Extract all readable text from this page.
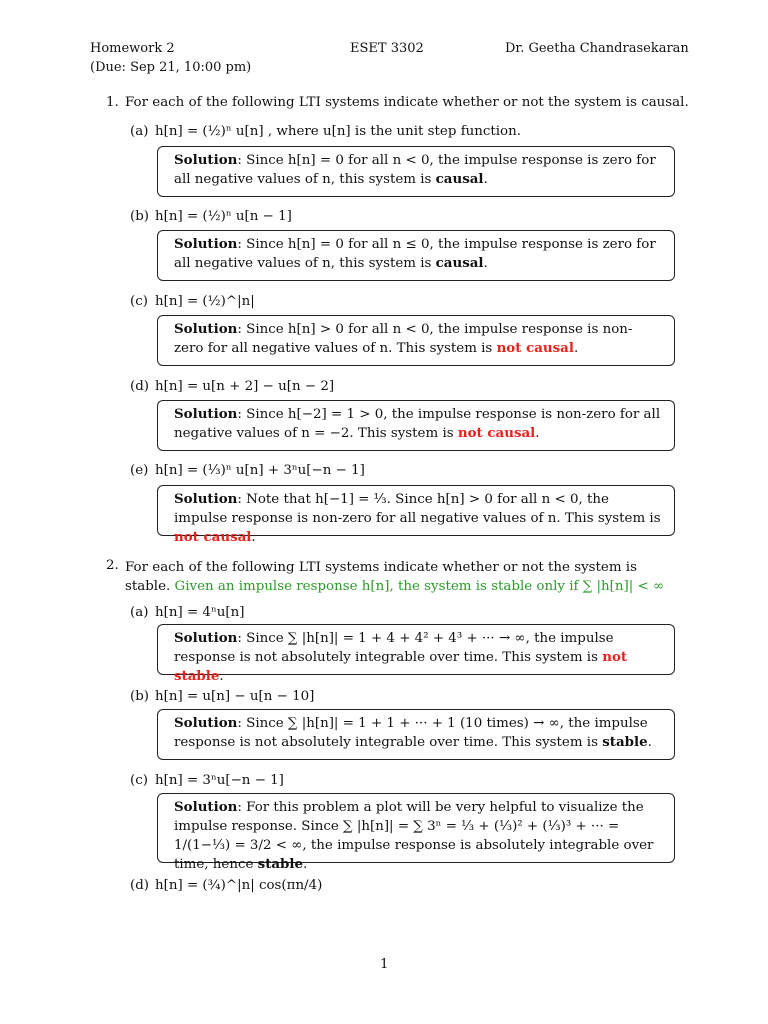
Homework 2
(Due: Sep 21, 10:00 pm)
ESET 3302	Dr. Geetha Chandrasekaran
1. For each of the following LTI systems indicate whether or not the system is causal.
(a) h[n] = (½)ⁿ u[n] , where u[n] is the unit step function.
Solution: Since h[n] = 0 for all n < 0, the impulse response is zero for all negative values of n, this system is causal.
(b) h[n] = (½)ⁿ u[n − 1]
Solution: Since h[n] = 0 for all n ≤ 0, the impulse response is zero for all negative values of n, this system is causal.
(c) h[n] = (½)^|n|
Solution: Since h[n] > 0 for all n < 0, the impulse response is non-zero for all negative values of n. This system is not causal.
(d) h[n] = u[n + 2] − u[n − 2]
Solution: Since h[−2] = 1 > 0, the impulse response is non-zero for all negative values of n = −2. This system is not causal.
(e) h[n] = (⅓)ⁿ u[n] + 3ⁿu[−n − 1]
Solution: Note that h[−1] = ⅓. Since h[n] > 0 for all n < 0, the impulse response is non-zero for all negative values of n. This system is not causal.
2. For each of the following LTI systems indicate whether or not the system is stable. Given an impulse response h[n], the system is stable only if ∑ |h[n]| < ∞
(a) h[n] = 4ⁿu[n]
Solution: Since ∑ |h[n]| = 1 + 4 + 4² + 4³ + ··· → ∞, the impulse response is not absolutely integrable over time. This system is not stable.
(b) h[n] = u[n] − u[n − 10]
Solution: Since ∑ |h[n]| = 1 + 1 + ··· + 1 (10 times) → ∞, the impulse response is not absolutely integrable over time. This system is stable.
(c) h[n] = 3ⁿu[−n − 1]
Solution: For this problem a plot will be very helpful to visualize the impulse response. Since ∑ |h[n]| = ∑ 3ⁿ = ⅓ + (⅓)² + (⅓)³ + ··· = 1/(1−⅓) = 3/2 < ∞, the impulse response is absolutely integrable over time, hence stable.
(d) h[n] = (¾)^|n| cos(πn/4)
1
